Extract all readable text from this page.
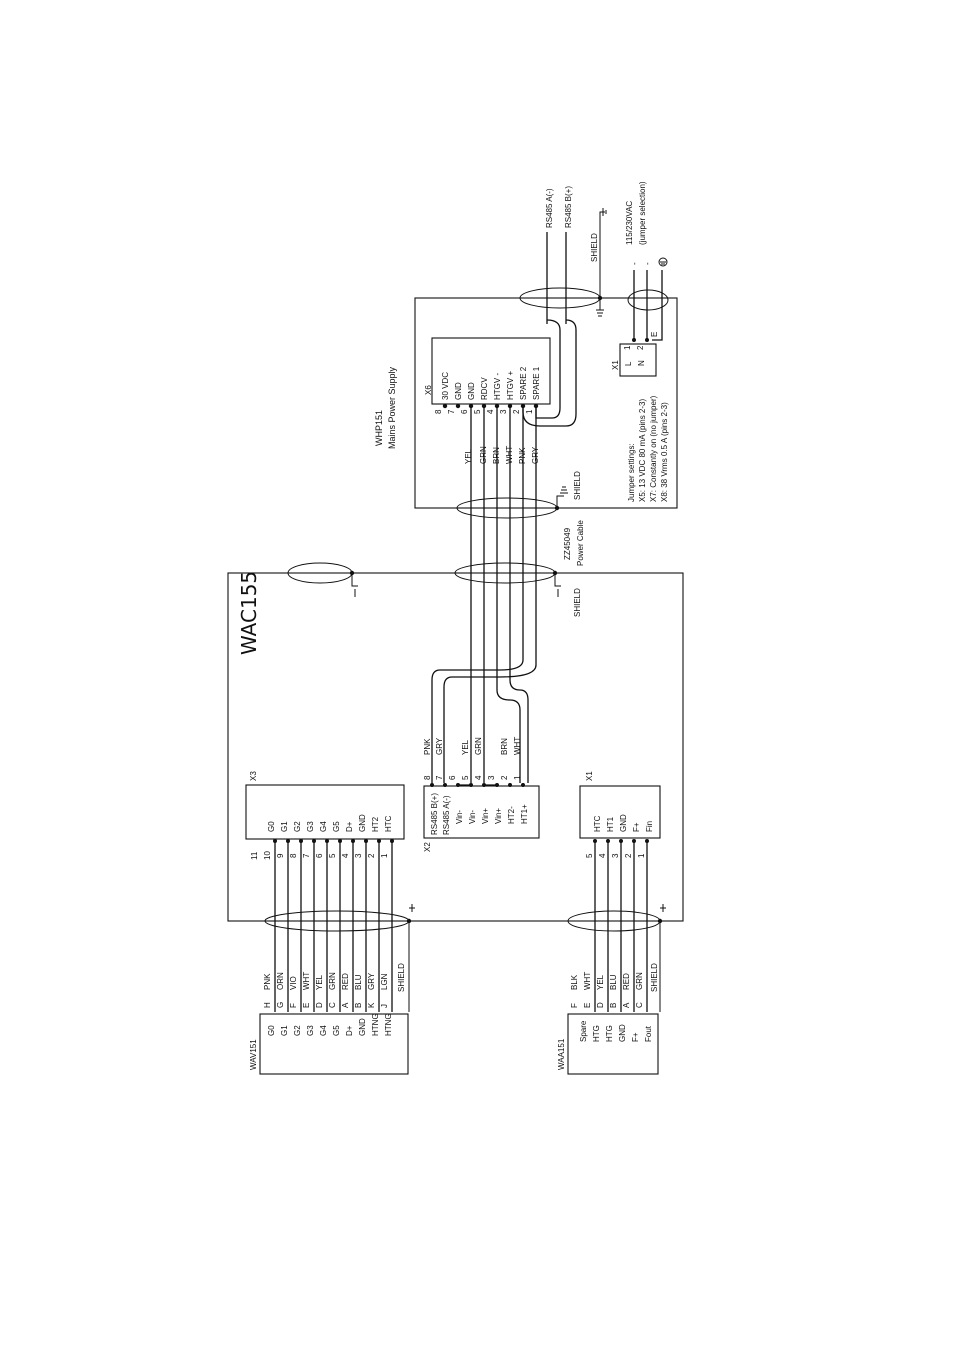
WHP151 Mains Power Supply	X6 30 VDC GND GND RDCV HTGV - HTGV + SPARE 2 SPARE 1
8 7 6 5 4 3 2 1
YEL GRN BRN WHT PNK GRY
X1 L N
1 2
E
- -
115/230VAC (jumper selection)
Jumper settings: X5: 13 VDC 80 mA (pins 2-3) X7: Constantly on (no jumper) X8: 38 Vrms 0.5 A (pins 2-3)
RS485 A(-) RS485 B(+)
SHIELD
SHIELD
ZZ45049 Power Cable
WAC155	SHIELD
X3
G0 G1 G2 G3 G4 G5 D+ GND HT2 HTC
11 10 9 8 7 6 5 4 3 2 1
X2
RS485 B(+) RS485 A(-) Vin- Vin- Vin+ Vin+ HT2- HT1+
8 7 6 5 4 3 2 1
PNK GRY YEL GRN BRN WHT
X1
HTC HT1 GND F+ Fin
5 4 3 2 1
WAV151
G0 G1 G2 G3 G4 G5 D+ GND HTNG HTNG
H G F E D C A B K J
PNK ORN VIO WHT YEL GRN RED BLU GRY LGN SHIELD
WAA151
Spare HTG HTG GND F+ Fout
F E D B A C
BLK WHT YEL BLU RED GRN SHIELD
